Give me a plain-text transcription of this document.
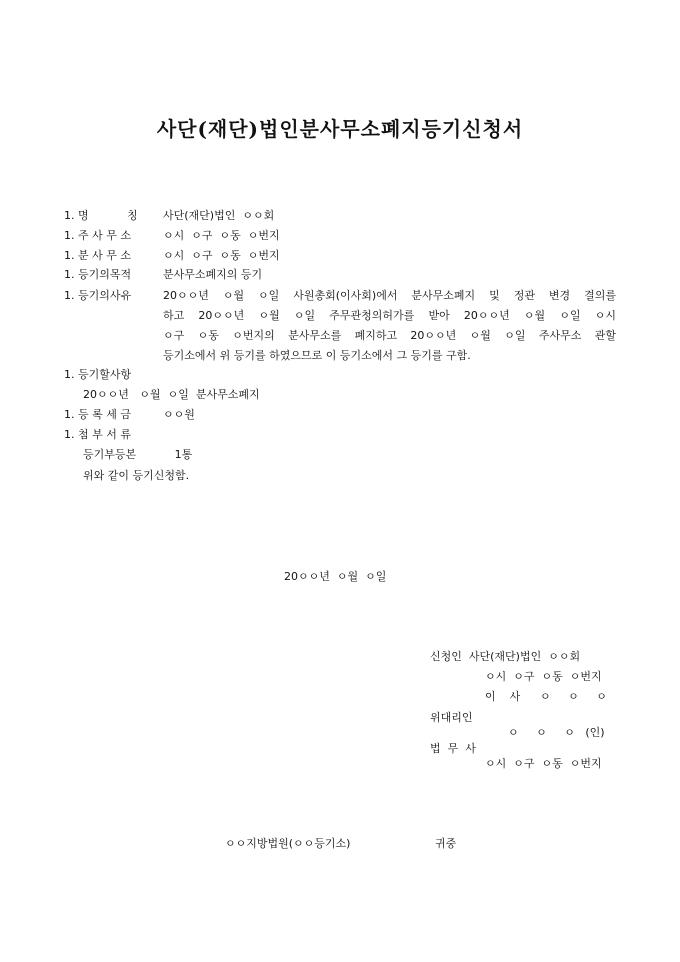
사단(재단)법인분사무소폐지등기신청서
1. 명           칭 사단(재단)법인  ㅇㅇ회
1. 주 사 무 소	ㅇ시  ㅇ구  ㅇ동  ㅇ번지
1. 분 사 무 소	ㅇ시  ㅇ구  ㅇ동  ㅇ번지
1. 등기의목적	분사무소폐지의 등기
1. 등기의사유	20ㅇㅇ년 ㅇ월 ㅇ일 사원총회(이사회)에서 분사무소폐지 및 정관 변경 결의를
하고 20ㅇㅇ년 ㅇ월 ㅇ일 주무관청의허가를 받아 20ㅇㅇ년 ㅇ월 ㅇ일 ㅇ시
ㅇ구 ㅇ동 ㅇ번지의 분사무소를 폐지하고 20ㅇㅇ년 ㅇ월 ㅇ일 주사무소 관할
등기소에서 위 등기를 하였으므로 이 등기소에서 그 등기를 구함.
1. 등기할사항
20ㅇㅇ년   ㅇ월  ㅇ일  분사무소폐지
1. 등 록 세 금	ㅇㅇ원
1. 첨 부 서 류
등기부등본           1통
위와 같이 등기신청함.
20ㅇㅇ년  ㅇ월  ㅇ일
신청인  사단(재단)법인  ㅇㅇ회
ㅇ시  ㅇ구  ㅇ동  ㅇ번지
이    사 ㅇ     ㅇ     ㅇ
위대리인
ㅇ     ㅇ     ㅇ   (인)
법  무  사
ㅇ시  ㅇ구  ㅇ동  ㅇ번지
ㅇㅇ지방법원(ㅇㅇ등기소)	귀중
